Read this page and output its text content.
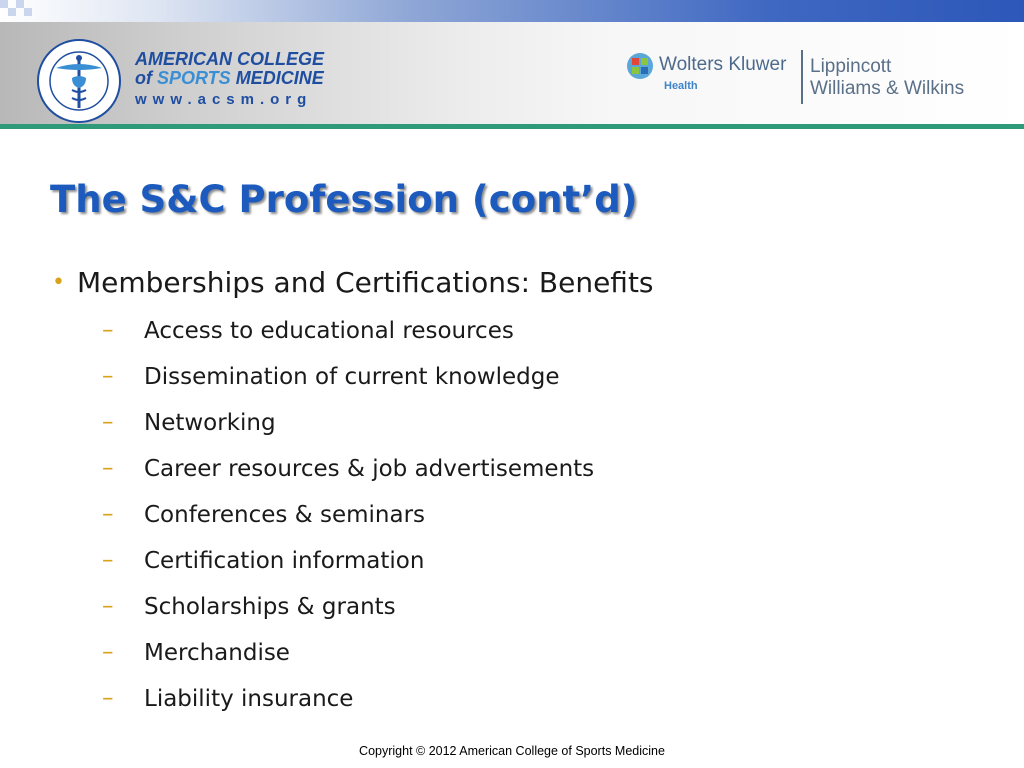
AMERICAN COLLEGE
of SPORTS MEDICINE
www.acsm.org
Wolters Kluwer
Health
Lippincott
Williams & Wilkins
The S&C Profession (cont’d)
• Memberships and Certifications: Benefits
– Access to educational resources
– Dissemination of current knowledge
– Networking
– Career resources & job advertisements
– Conferences & seminars
– Certification information
– Scholarships & grants
– Merchandise
– Liability insurance
Copyright © 2012 American College of Sports Medicine
